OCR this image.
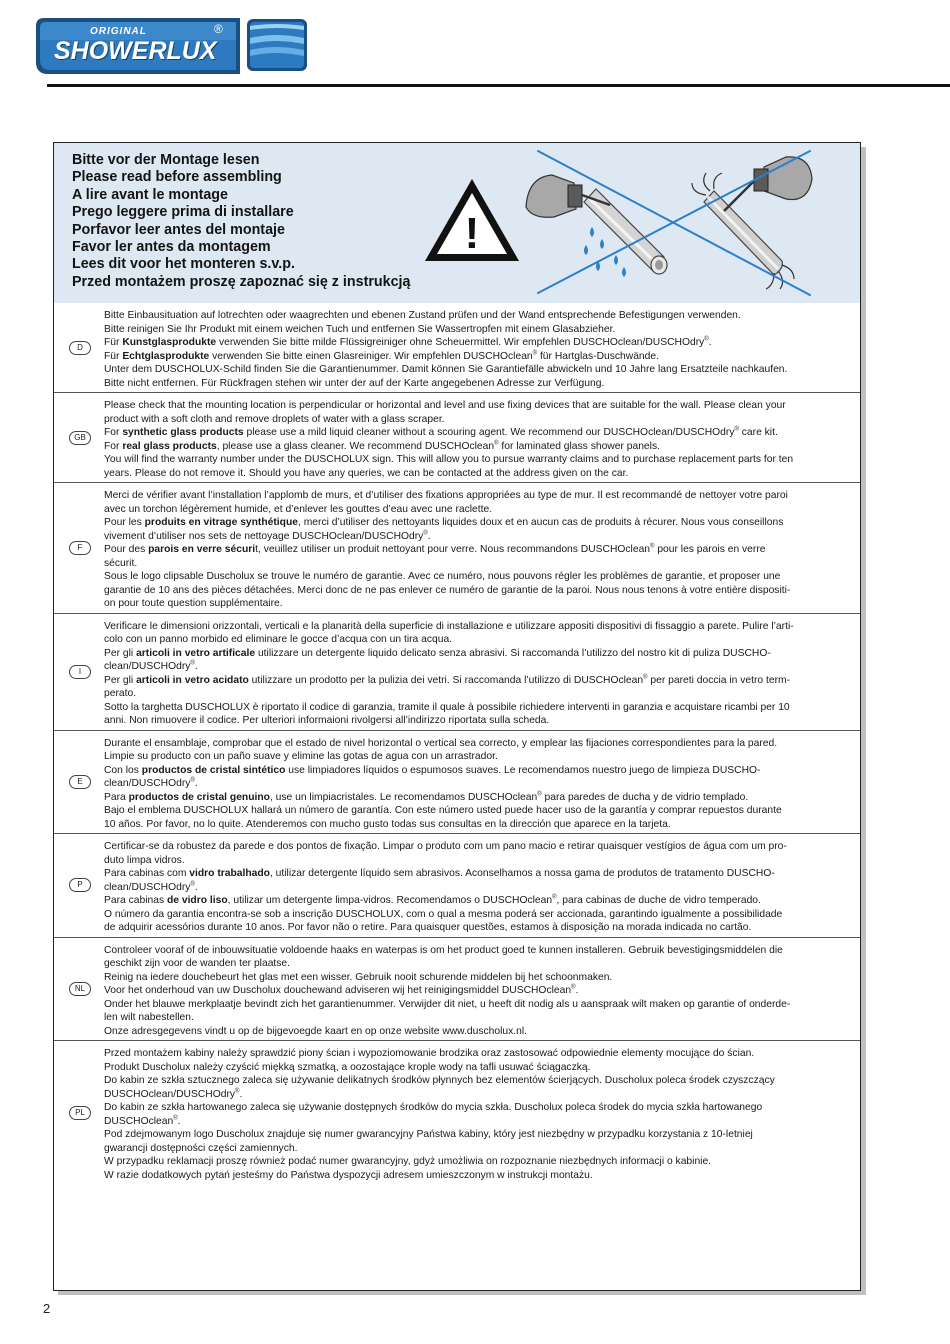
ORIGINAL	®
SHOWERLUX
Bitte vor der Montage lesen
Please read before assembling
A lire avant le montage
Prego leggere prima di installare
Porfavor leer antes del montaje
Favor ler antes da montagem
Lees dit voor het monteren s.v.p.
Przed montażem proszę zapoznać się z instrukcją
!
D

Bitte Einbausituation auf lotrechten oder waagrechten und ebenen Zustand prüfen und der Wand entsprechende Befestigungen verwenden.

Bitte reinigen Sie Ihr Produkt mit einem weichen Tuch und entfernen Sie Wassertropfen mit einem Glasabzieher.

Für Kunstglasprodukte verwenden Sie bitte milde Flüssigreiniger ohne Scheuermittel. Wir empfehlen DUSCHOclean/DUSCHOdry®.

Für Echtglasprodukte verwenden Sie bitte einen Glasreiniger. Wir empfehlen DUSCHOclean® für Hartglas-Duschwände.

Unter dem DUSCHOLUX-Schild finden Sie die Garantienummer. Damit können Sie Garantiefälle abwickeln und 10 Jahre lang Ersatzteile nachkaufen.

Bitte nicht entfernen. Für Rückfragen stehen wir unter der auf der Karte angegebenen Adresse zur Verfügung.

GB

Please check that the mounting location is perpendicular or horizontal and level and use fixing devices that are suitable for the wall. Please clean your

product with a soft cloth and remove droplets of water with a glass scraper.

For synthetic glass products please use a mild liquid cleaner without a scouring agent. We recommend our DUSCHOclean/DUSCHOdry® care kit.

For real glass products, please use a glass cleaner. We recommend DUSCHOclean® for laminated glass shower panels.

You will find the warranty number under the DUSCHOLUX sign. This will allow you to pursue warranty claims and to purchase replacement parts for ten

years. Please do not remove it. Should you have any queries, we can be contacted at the address given on the car.

F

Merci de vérifier avant l’installation l’applomb de murs, et d’utiliser des fixations appropriées au type de mur. Il est recommandé de nettoyer votre paroi

avec un torchon légèrement humide, et d’enlever les gouttes d’eau avec une raclette.

Pour les produits en vitrage synthétique, merci d’utiliser des nettoyants liquides doux et en aucun cas de produits à récurer. Nous vous conseillons

vivement d’utiliser nos sets de nettoyage DUSCHOclean/DUSCHOdry®.

Pour des parois en verre sécurit, veuillez utiliser un produit nettoyant pour verre. Nous recommandons DUSCHOclean® pour les parois en verre

sécurit.

Sous le logo clipsable Duscholux se trouve le numéro de garantie. Avec ce numéro, nous pouvons régler les problèmes de garantie, et proposer une

garantie de 10 ans des pièces détachées. Merci donc de ne pas enlever ce numéro de garantie de la paroi. Nous nous tenons à votre entière dispositi-

on pour toute question supplémentaire.

I

Verificare le dimensioni orizzontali, verticali e la planarità della superficie di installazione e utilizzare appositi dispositivi di fissaggio a parete. Pulire l’arti-

colo con un panno morbido ed eliminare le gocce d’acqua con un tira acqua.

Per gli articoli in vetro artificale utilizzare un detergente liquido delicato senza abrasivi. Si raccomanda l’utilizzo del nostro kit di puliza DUSCHO-

clean/DUSCHOdry®.

Per gli articoli in vetro acidato utilizzare un prodotto per la pulizia dei vetri. Si raccomanda l’utilizzo di DUSCHOclean® per pareti doccia in vetro term-

perato.

Sotto la targhetta DUSCHOLUX è riportato il codice di garanzia, tramite il quale à possibile richiedere interventi in garanzia e acquistare ricambi per 10

anni. Non rimuovere il codice. Per ulteriori informaioni rivolgersi all’indirizzo riportata sulla scheda.

E

Durante el ensamblaje, comprobar que el estado de nivel horizontal o vertical sea correcto, y emplear las fijaciones correspondientes para la pared.

Limpie su producto con un paño suave y elimine las gotas de agua con un arrastrador.

Con los productos de cristal sintético use limpiadores líquidos o espumosos suaves. Le recomendamos nuestro juego de limpieza DUSCHO-

clean/DUSCHOdry®.

Para productos de cristal genuino, use un limpiacristales. Le recomendamos DUSCHOclean® para paredes de ducha y de vidrio templado.

Bajo el emblema DUSCHOLUX hallará un número de garantía. Con este número usted puede hacer uso de la garantía y comprar repuestos durante

10 años. Por favor, no lo quite. Atenderemos con mucho gusto todas sus consultas en la dirección que aparece en la tarjeta.

P

Certificar-se da robustez da parede e dos pontos de fixação. Limpar o produto com um pano macio e retirar quaisquer vestígios de água com um pro-

duto limpa vidros.

Para cabinas com vidro trabalhado, utilizar detergente líquido sem abrasivos. Aconselhamos a nossa gama de produtos de tratamento DUSCHO-

clean/DUSCHOdry®.

Para cabinas de vidro liso, utilizar um detergente limpa-vidros. Recomendamos o DUSCHOclean®, para cabinas de duche de vidro temperado.

O número da garantia encontra-se sob a inscrição DUSCHOLUX, com o qual a mesma poderá ser accionada, garantindo igualmente a possibilidade

de adquirir acessórios durante 10 anos. Por favor não o retire. Para quaisquer questões, estamos à disposição na morada indicada no cartão.

NL

Controleer vooraf of de inbouwsituatie voldoende haaks en waterpas is om het product goed te kunnen installeren. Gebruik bevestigingsmiddelen die

geschikt zijn voor de wanden ter plaatse.

Reinig na iedere douchebeurt het glas met een wisser. Gebruik nooit schurende middelen bij het schoonmaken.

Voor het onderhoud van uw Duscholux douchewand adviseren wij het reinigingsmiddel DUSCHOclean®.

Onder het blauwe merkplaatje bevindt zich het garantienummer. Verwijder dit niet, u heeft dit nodig als u aanspraak wilt maken op garantie of onderde-

len wilt nabestellen.

Onze adresgegevens vindt u op de bijgevoegde kaart en op onze website www.duscholux.nl.

PL

Przed montażem kabiny należy sprawdzić piony ścian i wypoziomowanie brodzika oraz zastosować odpowiednie elementy mocujące do ścian.

Produkt Duscholux należy czyścić miękką szmatką, a oozostające krople wody na tafli usuwać ściągaczką.

Do kabin ze szkła sztucznego zaleca się używanie delikatnych środków płynnych bez elementów ścierjących. Duscholux poleca środek czyszczący

DUSCHOclean/DUSCHOdry®.

Do kabin ze szkła hartowanego zaleca się używanie dostępnych środków do mycia szkła. Duscholux poleca środek do mycia szkła hartowanego

DUSCHOclean®.

Pod zdejmowanym logo Duscholux znajduje się numer gwarancyjny Państwa kabiny, który jest niezbędny w przypadku korzystania z 10-letniej

gwarancji dostępności części zamiennych.

W przypadku reklamacji proszę również podać numer gwarancyjny, gdyż umożliwia on rozpoznanie niezbędnych informacji o kabinie.

W razie dodatkowych pytań jesteśmy do Państwa dyspozycji adresem umieszczonym w instrukcji montażu.

2
